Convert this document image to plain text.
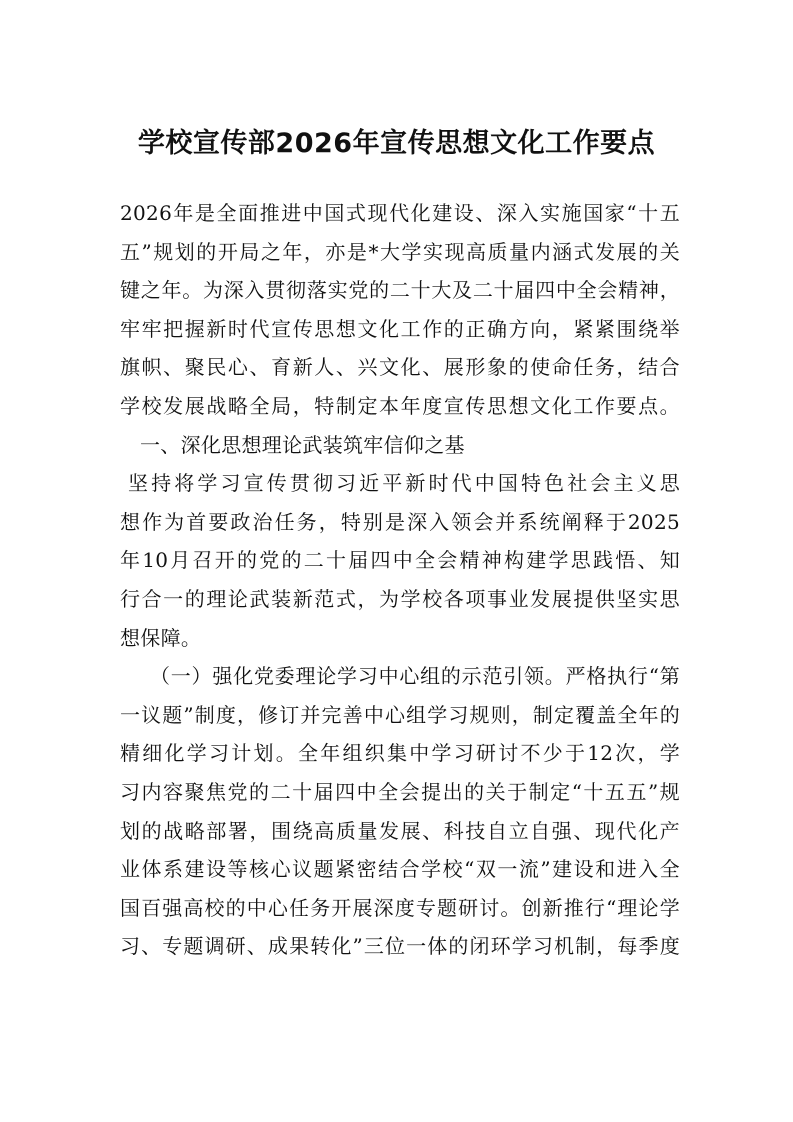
学校宣传部2026年宣传思想文化工作要点
2026年是全面推进中国式现代化建设、深入实施国家“十五
五”规划的开局之年，亦是*大学实现高质量内涵式发展的关
键之年。为深入贯彻落实党的二十大及二十届四中全会精神，
牢牢把握新时代宣传思想文化工作的正确方向，紧紧围绕举
旗帜、聚民心、育新人、兴文化、展形象的使命任务，结合
学校发展战略全局，特制定本年度宣传思想文化工作要点。
一、深化思想理论武装筑牢信仰之基
坚持将学习宣传贯彻习近平新时代中国特色社会主义思
想作为首要政治任务，特别是深入领会并系统阐释于2025
年10月召开的党的二十届四中全会精神构建学思践悟、知
行合一的理论武装新范式，为学校各项事业发展提供坚实思
想保障。
（一）强化党委理论学习中心组的示范引领。严格执行“第
一议题”制度，修订并完善中心组学习规则，制定覆盖全年的
精细化学习计划。全年组织集中学习研讨不少于12次，学
习内容聚焦党的二十届四中全会提出的关于制定“十五五”规
划的战略部署，围绕高质量发展、科技自立自强、现代化产
业体系建设等核心议题紧密结合学校“双一流”建设和进入全
国百强高校的中心任务开展深度专题研讨。创新推行“理论学
习、专题调研、成果转化”三位一体的闭环学习机制，每季度
